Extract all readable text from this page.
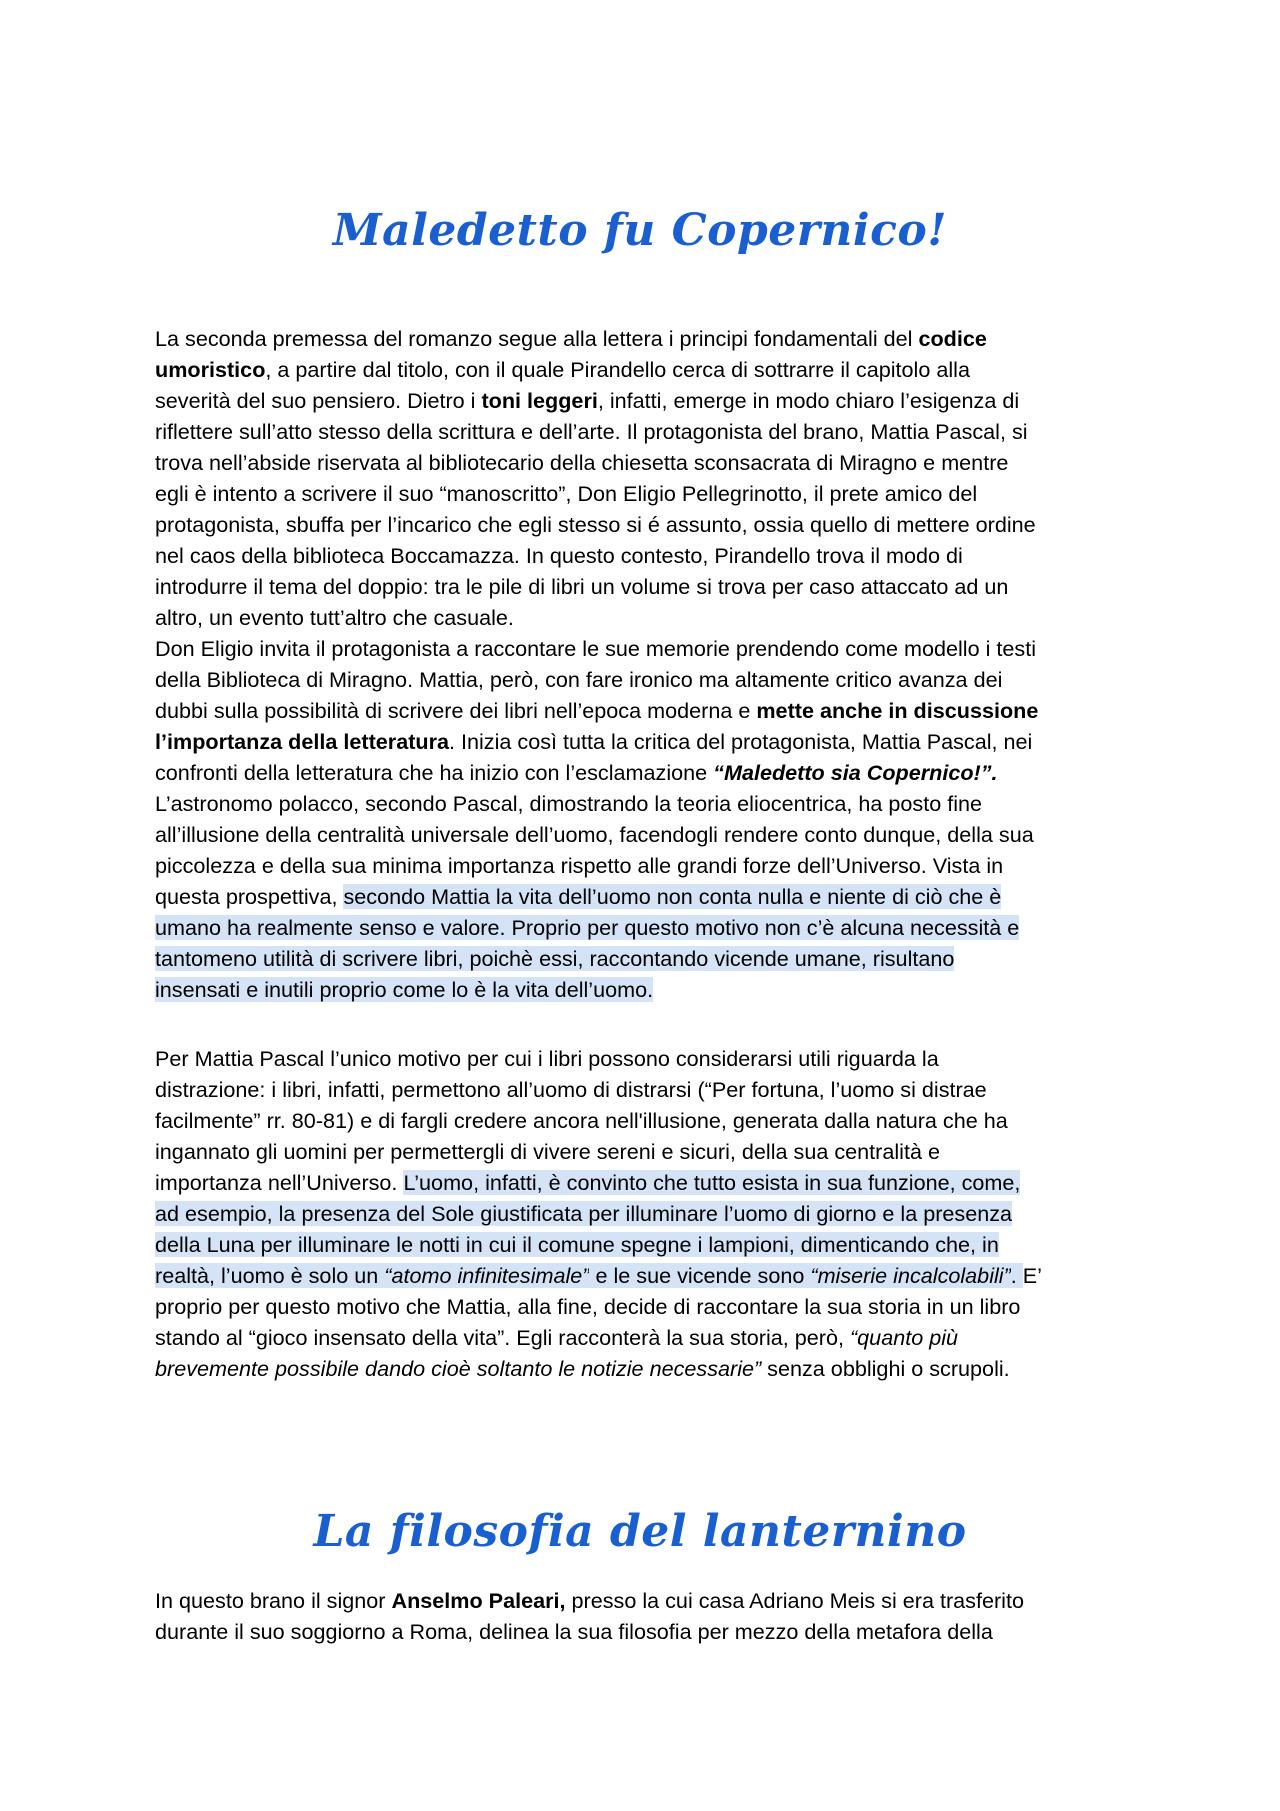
Maledetto fu Copernico!
La seconda premessa del romanzo segue alla lettera i principi fondamentali del codice
umoristico, a partire dal titolo, con il quale Pirandello cerca di sottrarre il capitolo alla
severità del suo pensiero. Dietro i toni leggeri, infatti, emerge in modo chiaro l’esigenza di
riflettere sull’atto stesso della scrittura e dell’arte. Il protagonista del brano, Mattia Pascal, si
trova nell’abside riservata al bibliotecario della chiesetta sconsacrata di Miragno e mentre
egli è intento a scrivere il suo “manoscritto”, Don Eligio Pellegrinotto, il prete amico del
protagonista, sbuffa per l’incarico che egli stesso si é assunto, ossia quello di mettere ordine
nel caos della biblioteca Boccamazza. In questo contesto, Pirandello trova il modo di
introdurre il tema del doppio: tra le pile di libri un volume si trova per caso attaccato ad un
altro, un evento tutt’altro che casuale.
Don Eligio invita il protagonista a raccontare le sue memorie prendendo come modello i testi
della Biblioteca di Miragno. Mattia, però, con fare ironico ma altamente critico avanza dei
dubbi sulla possibilità di scrivere dei libri nell’epoca moderna e mette anche in discussione
l’importanza della letteratura. Inizia così tutta la critica del protagonista, Mattia Pascal, nei
confronti della letteratura che ha inizio con l’esclamazione “Maledetto sia Copernico!”.
L’astronomo polacco, secondo Pascal, dimostrando la teoria eliocentrica, ha posto fine
all’illusione della centralità universale dell’uomo, facendogli rendere conto dunque, della sua
piccolezza e della sua minima importanza rispetto alle grandi forze dell’Universo. Vista in
questa prospettiva, secondo Mattia la vita dell’uomo non conta nulla e niente di ciò che è
umano ha realmente senso e valore. Proprio per questo motivo non c’è alcuna necessità e
tantomeno utilità di scrivere libri, poichè essi, raccontando vicende umane, risultano
insensati e inutili proprio come lo è la vita dell’uomo.
Per Mattia Pascal l’unico motivo per cui i libri possono considerarsi utili riguarda la
distrazione: i libri, infatti, permettono all’uomo di distrarsi (“Per fortuna, l’uomo si distrae
facilmente” rr. 80-81) e di fargli credere ancora nell'illusione, generata dalla natura che ha
ingannato gli uomini per permettergli di vivere sereni e sicuri, della sua centralità e
importanza nell’Universo. L’uomo, infatti, è convinto che tutto esista in sua funzione, come,
ad esempio, la presenza del Sole giustificata per illuminare l’uomo di giorno e la presenza
della Luna per illuminare le notti in cui il comune spegne i lampioni, dimenticando che, in
realtà, l’uomo è solo un “atomo infinitesimale” e le sue vicende sono “miserie incalcolabili”. E’
proprio per questo motivo che Mattia, alla fine, decide di raccontare la sua storia in un libro
stando al “gioco insensato della vita”. Egli racconterà la sua storia, però, “quanto più
brevemente possibile dando cioè soltanto le notizie necessarie” senza obblighi o scrupoli.
La filosofia del lanternino
In questo brano il signor Anselmo Paleari, presso la cui casa Adriano Meis si era trasferito
durante il suo soggiorno a Roma, delinea la sua filosofia per mezzo della metafora della
